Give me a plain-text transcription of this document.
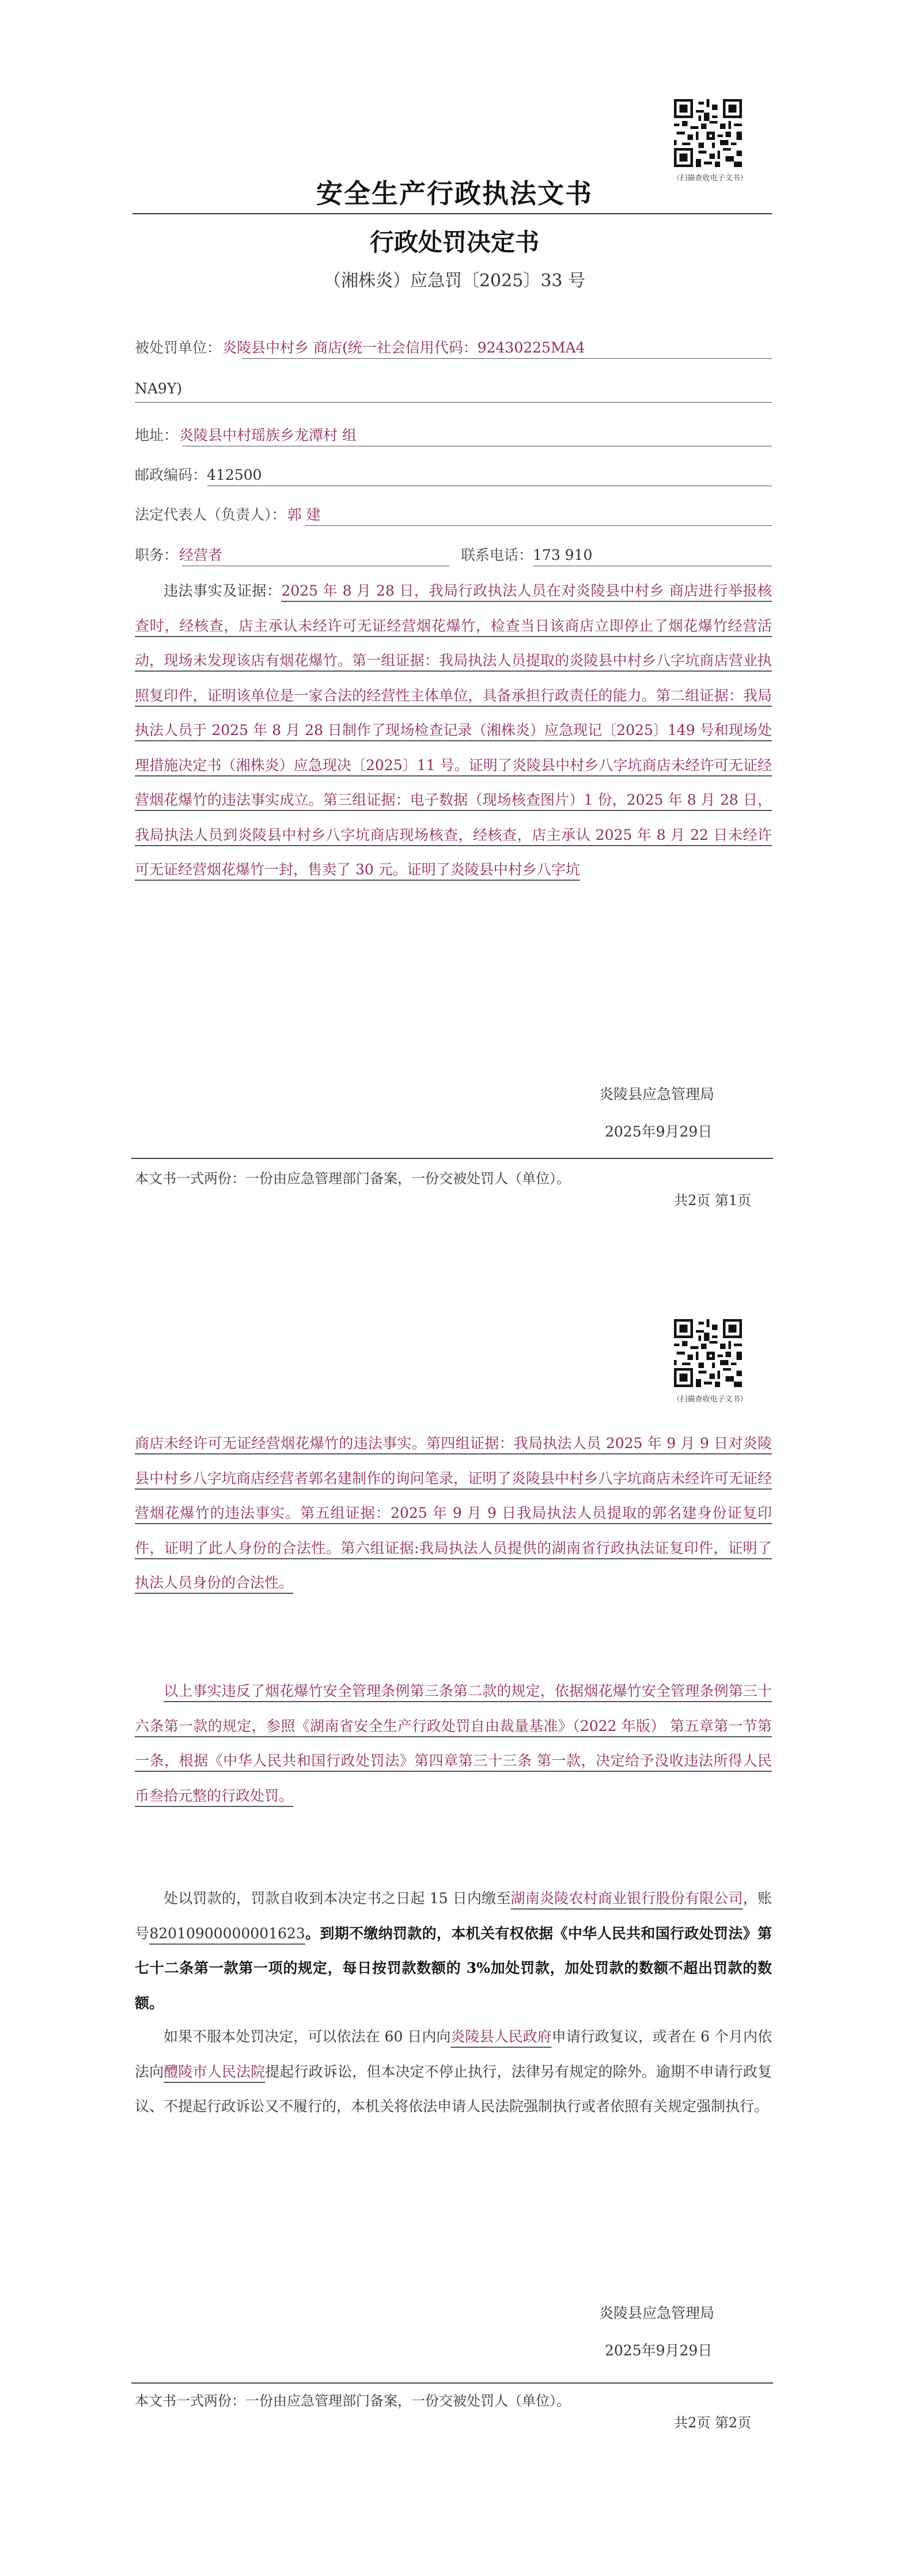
（扫描查收电子文书）
安全生产行政执法文书
行政处罚决定书
（湘株炎）应急罚〔2025〕33 号
被处罚单位：炎陵县中村乡 商店(统一社会信用代码：92430225MA4
NA9Y)
地址：炎陵县中村瑶族乡龙潭村 组
邮政编码：412500
法定代表人（负责人）：郭 建
职务：经营者	联系电话：173 910

违法事实及证据：2025 年 8 月 28 日，我局行政执法人员在对炎陵县中村乡 商店进行举报核查时，经核查，店主承认未经许可无证经营烟花爆竹，检查当日该商店立即停止了烟花爆竹经营活动，现场未发现该店有烟花爆竹。第一组证据：我局执法人员提取的炎陵县中村乡八字坑商店营业执照复印件，证明该单位是一家合法的经营性主体单位，具备承担行政责任的能力。第二组证据：我局执法人员于 2025 年 8 月 28 日制作了现场检查记录（湘株炎）应急现记〔2025〕149 号和现场处理措施决定书（湘株炎）应急现决〔2025〕11 号。证明了炎陵县中村乡八字坑商店未经许可无证经营烟花爆竹的违法事实成立。第三组证据：电子数据（现场核查图片）1 份，2025 年 8 月 28 日，我局执法人员到炎陵县中村乡八字坑商店现场核查，经核查，店主承认 2025 年 8 月 22 日未经许可无证经营烟花爆竹一封，售卖了 30 元。证明了炎陵县中村乡八字坑

炎陵县应急管理局
2025年9月29日
本文书一式两份：一份由应急管理部门备案，一份交被处罚人（单位）。
共2页 第1页
（扫描查收电子文书）

商店未经许可无证经营烟花爆竹的违法事实。第四组证据：我局执法人员 2025 年 9 月 9 日对炎陵县中村乡八字坑商店经营者郭名建制作的询问笔录，证明了炎陵县中村乡八字坑商店未经许可无证经营烟花爆竹的违法事实。第五组证据：2025 年 9 月 9 日我局执法人员提取的郭名建身份证复印件，证明了此人身份的合法性。第六组证据:我局执法人员提供的湖南省行政执法证复印件，证明了执法人员身份的合法性。

以上事实违反了烟花爆竹安全管理条例第三条第二款的规定，依据烟花爆竹安全管理条例第三十六条第一款的规定，参照《湖南省安全生产行政处罚自由裁量基准》（2022 年版） 第五章第一节第一条，根据《中华人民共和国行政处罚法》第四章第三十三条 第一款，决定给予没收违法所得人民币叁拾元整的行政处罚。

处以罚款的，罚款自收到本决定书之日起 15 日内缴至湖南炎陵农村商业银行股份有限公司，账号82010900000001623。到期不缴纳罚款的，本机关有权依据《中华人民共和国行政处罚法》第七十二条第一款第一项的规定，每日按罚款数额的 3%加处罚款，加处罚款的数额不超出罚款的数额。

如果不服本处罚决定，可以依法在 60 日内向炎陵县人民政府申请行政复议，或者在 6 个月内依法向醴陵市人民法院提起行政诉讼，但本决定不停止执行，法律另有规定的除外。逾期不申请行政复议、不提起行政诉讼又不履行的，本机关将依法申请人民法院强制执行或者依照有关规定强制执行。

炎陵县应急管理局
2025年9月29日
本文书一式两份：一份由应急管理部门备案，一份交被处罚人（单位）。
共2页 第2页
